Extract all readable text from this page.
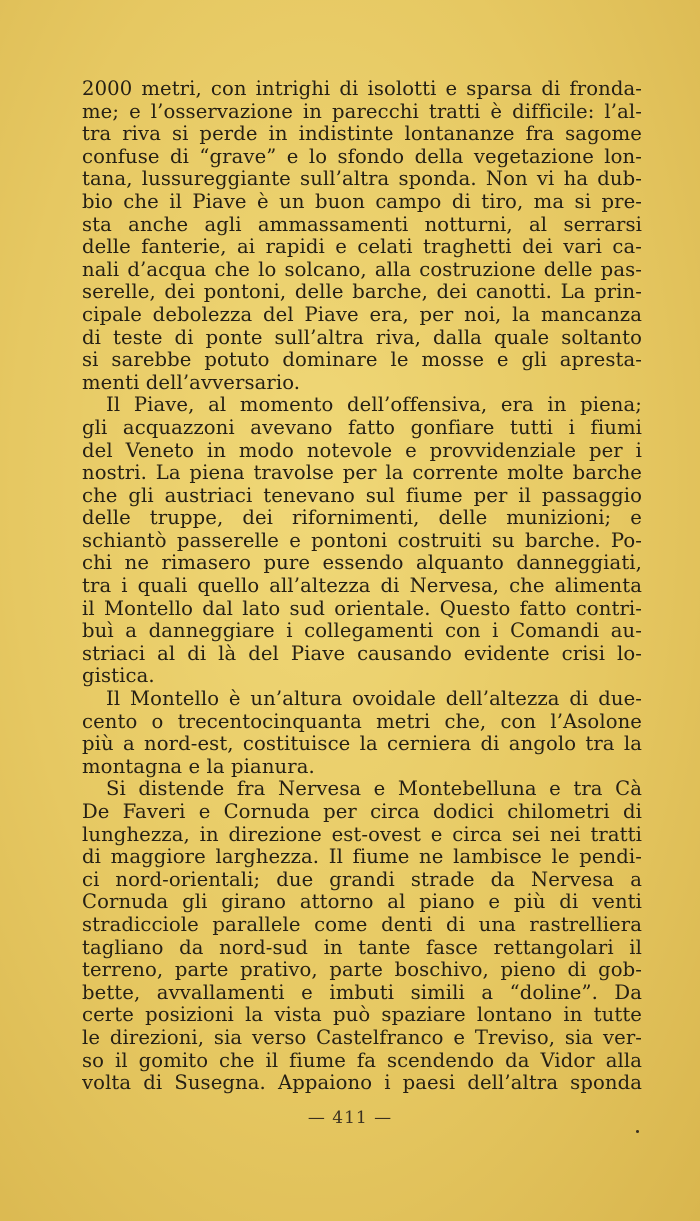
2000 metri, con intrighi di isolotti e sparsa di fronda-
me; e l’osservazione in parecchi tratti è difficile: l’al-
tra riva si perde in indistinte lontananze fra sagome
confuse di “grave” e lo sfondo della vegetazione lon-
tana, lussureggiante sull’altra sponda. Non vi ha dub-
bio che il Piave è un buon campo di tiro, ma si pre-
sta anche agli ammassamenti notturni, al serrarsi
delle fanterie, ai rapidi e celati traghetti dei vari ca-
nali d’acqua che lo solcano, alla costruzione delle pas-
serelle, dei pontoni, delle barche, dei canotti. La prin-
cipale debolezza del Piave era, per noi, la mancanza
di teste di ponte sull’altra riva, dalla quale soltanto
si sarebbe potuto dominare le mosse e gli apresta-
menti dell’avversario.
Il Piave, al momento dell’offensiva, era in piena;
gli acquazzoni avevano fatto gonfiare tutti i fiumi
del Veneto in modo notevole e provvidenziale per i
nostri. La piena travolse per la corrente molte barche
che gli austriaci tenevano sul fiume per il passaggio
delle truppe, dei rifornimenti, delle munizioni; e
schiantò passerelle e pontoni costruiti su barche. Po-
chi ne rimasero pure essendo alquanto danneggiati,
tra i quali quello all’altezza di Nervesa, che alimenta
il Montello dal lato sud orientale. Questo fatto contri-
buì a danneggiare i collegamenti con i Comandi au-
striaci al di là del Piave causando evidente crisi lo-
gistica.
Il Montello è un’altura ovoidale dell’altezza di due-
cento o trecentocinquanta metri che, con l’Asolone
più a nord-est, costituisce la cerniera di angolo tra la
montagna e la pianura.
Si distende fra Nervesa e Montebelluna e tra Cà
De Faveri e Cornuda per circa dodici chilometri di
lunghezza, in direzione est-ovest e circa sei nei tratti
di maggiore larghezza. Il fiume ne lambisce le pendi-
ci nord-orientali; due grandi strade da Nervesa a
Cornuda gli girano attorno al piano e più di venti
stradicciole parallele come denti di una rastrelliera
tagliano da nord-sud in tante fasce rettangolari il
terreno, parte prativo, parte boschivo, pieno di gob-
bette, avvallamenti e imbuti simili a “doline”. Da
certe posizioni la vista può spaziare lontano in tutte
le direzioni, sia verso Castelfranco e Treviso, sia ver-
so il gomito che il fiume fa scendendo da Vidor alla
volta di Susegna. Appaiono i paesi dell’altra sponda
— 411 —
